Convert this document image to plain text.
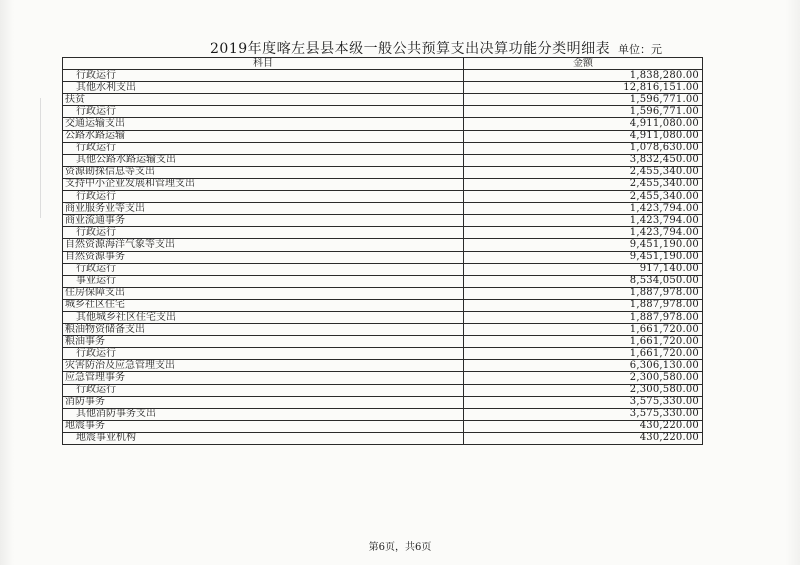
2019年度喀左县县本级一般公共预算支出决算功能分类明细表 单位：元
科目	金额
行政运行	1,838,280.00
其他水利支出	12,816,151.00
扶贫	1,596,771.00
行政运行	1,596,771.00
交通运输支出	4,911,080.00
公路水路运输	4,911,080.00
行政运行	1,078,630.00
其他公路水路运输支出	3,832,450.00
资源勘探信息等支出	2,455,340.00
支持中小企业发展和管理支出	2,455,340.00
行政运行	2,455,340.00
商业服务业等支出	1,423,794.00
商业流通事务	1,423,794.00
行政运行	1,423,794.00
自然资源海洋气象等支出	9,451,190.00
自然资源事务	9,451,190.00
行政运行	917,140.00
事业运行	8,534,050.00
住房保障支出	1,887,978.00
城乡社区住宅	1,887,978.00
其他城乡社区住宅支出	1,887,978.00
粮油物资储备支出	1,661,720.00
粮油事务	1,661,720.00
行政运行	1,661,720.00
灾害防治及应急管理支出	6,306,130.00
应急管理事务	2,300,580.00
行政运行	2,300,580.00
消防事务	3,575,330.00
其他消防事务支出	3,575,330.00
地震事务	430,220.00
地震事业机构	430,220.00
第6页，共6页
